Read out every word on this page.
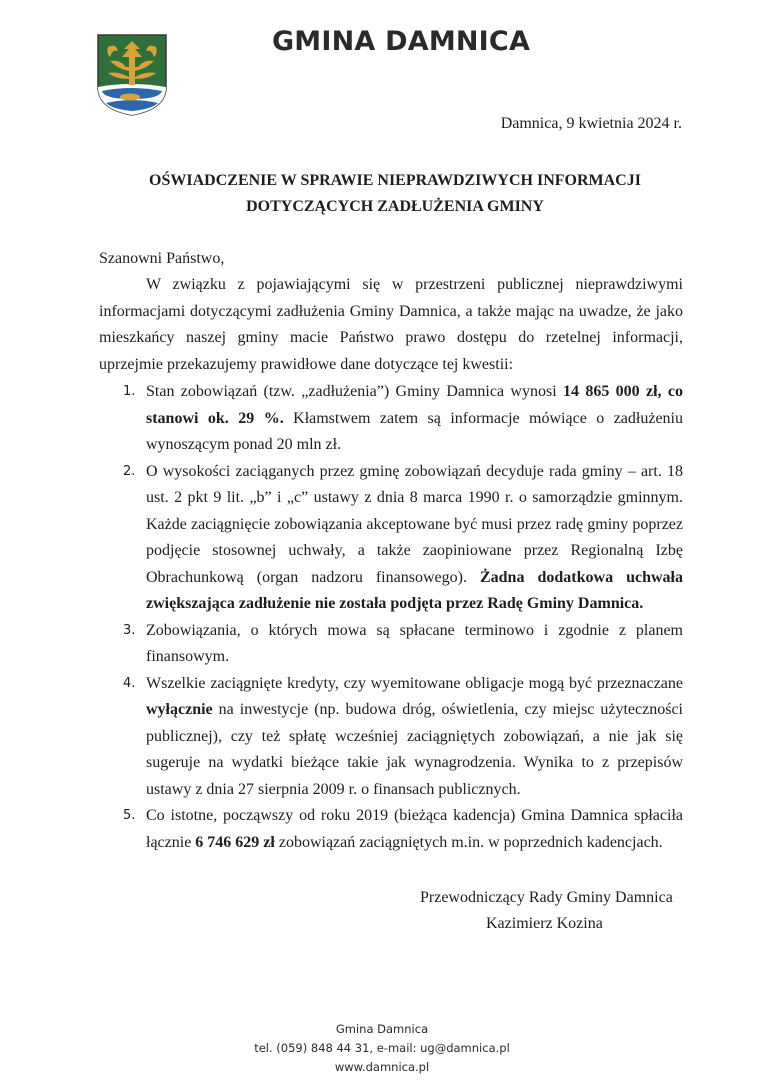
GMINA DAMNICA
Damnica, 9 kwietnia 2024 r.
OŚWIADCZENIE W SPRAWIE NIEPRAWDZIWYCH INFORMACJI
DOTYCZĄCYCH ZADŁUŻENIA GMINY
Szanowni Państwo,
W związku z pojawiającymi się w przestrzeni publicznej nieprawdziwymi informacjami dotyczącymi zadłużenia Gminy Damnica, a także mając na uwadze, że jako mieszkańcy naszej gminy macie Państwo prawo dostępu do rzetelnej informacji, uprzejmie przekazujemy prawidłowe dane dotyczące tej kwestii:
1. Stan zobowiązań (tzw. „zadłużenia”) Gminy Damnica wynosi 14 865 000 zł, co stanowi ok. 29 %. Kłamstwem zatem są informacje mówiące o zadłużeniu wynoszącym ponad 20 mln zł.
2. O wysokości zaciąganych przez gminę zobowiązań decyduje rada gminy – art. 18 ust. 2 pkt 9 lit. „b” i „c” ustawy z dnia 8 marca 1990 r. o samorządzie gminnym. Każde zaciągnięcie zobowiązania akceptowane być musi przez radę gminy poprzez podjęcie stosownej uchwały, a także zaopiniowane przez Regionalną Izbę Obrachunkową (organ nadzoru finansowego). Żadna dodatkowa uchwała zwiększająca zadłużenie nie została podjęta przez Radę Gminy Damnica.
3. Zobowiązania, o których mowa są spłacane terminowo i zgodnie z planem finansowym.
4. Wszelkie zaciągnięte kredyty, czy wyemitowane obligacje mogą być przeznaczane wyłącznie na inwestycje (np. budowa dróg, oświetlenia, czy miejsc użyteczności publicznej), czy też spłatę wcześniej zaciągniętych zobowiązań, a nie jak się sugeruje na wydatki bieżące takie jak wynagrodzenia. Wynika to z przepisów ustawy z dnia 27 sierpnia 2009 r. o finansach publicznych.
5. Co istotne, począwszy od roku 2019 (bieżąca kadencja) Gmina Damnica spłaciła łącznie 6 746 629 zł zobowiązań zaciągniętych m.in. w poprzednich kadencjach.
Przewodniczący Rady Gminy Damnica
Kazimierz Kozina
Gmina Damnica
tel. (059) 848 44 31, e-mail: ug@damnica.pl
www.damnica.pl
